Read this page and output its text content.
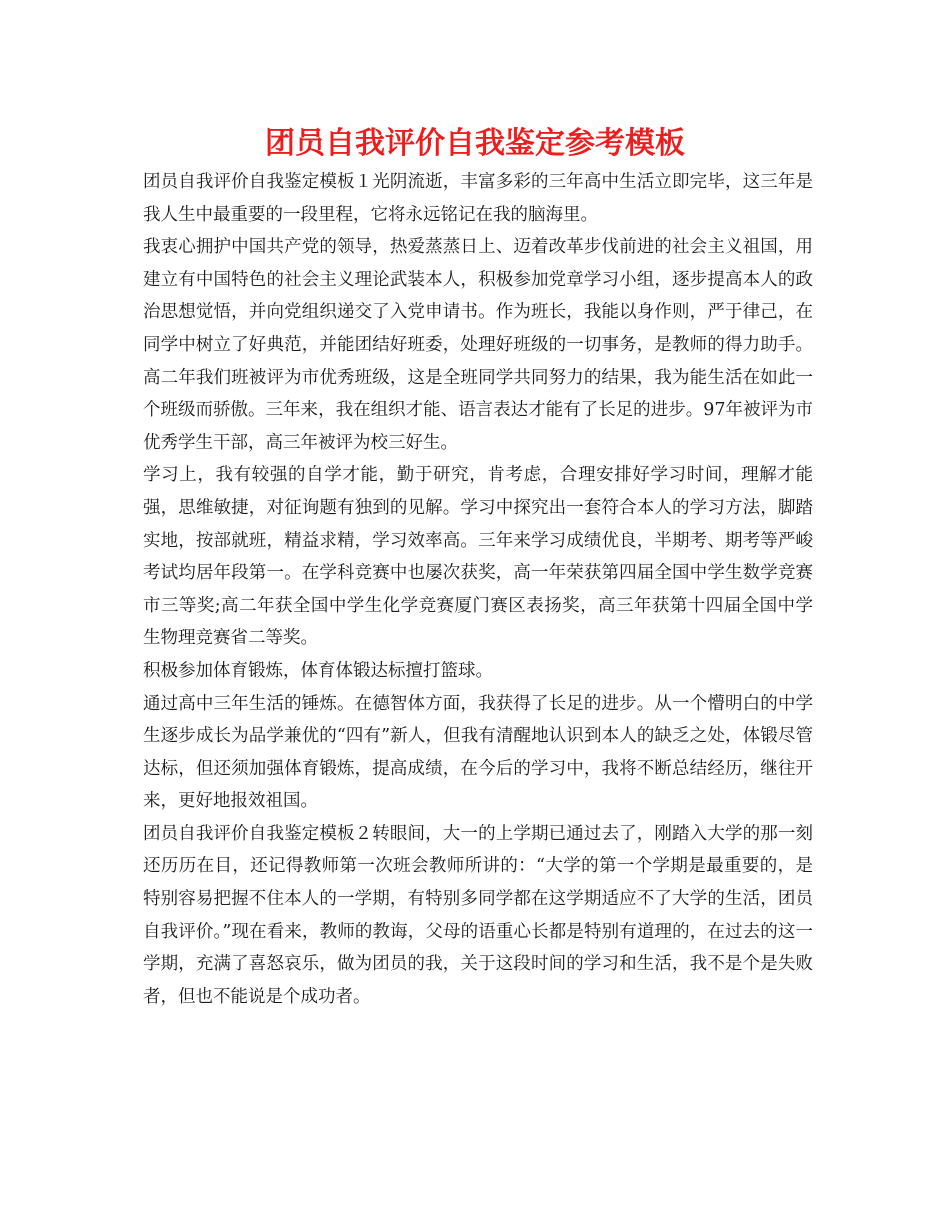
团员自我评价自我鉴定参考模板

团员自我评价自我鉴定模板１光阴流逝，丰富多彩的三年高中生活立即完毕，这三年是我人生中最重要的一段里程，它将永远铭记在我的脑海里。

我衷心拥护中国共产党的领导，热爱蒸蒸日上、迈着改革步伐前进的社会主义祖国，用建立有中国特色的社会主义理论武装本人，积极参加党章学习小组，逐步提高本人的政治思想觉悟，并向党组织递交了入党申请书。作为班长，我能以身作则，严于律己，在同学中树立了好典范，并能团结好班委，处理好班级的一切事务，是教师的得力助手。高二年我们班被评为市优秀班级，这是全班同学共同努力的结果，我为能生活在如此一个班级而骄傲。三年来，我在组织才能、语言表达才能有了长足的进步。97年被评为市优秀学生干部，高三年被评为校三好生。

学习上，我有较强的自学才能，勤于研究，肯考虑，合理安排好学习时间，理解才能强，思维敏捷，对征询题有独到的见解。学习中探究出一套符合本人的学习方法，脚踏实地，按部就班，精益求精，学习效率高。三年来学习成绩优良，半期考、期考等严峻考试均居年段第一。在学科竞赛中也屡次获奖，高一年荣获第四届全国中学生数学竞赛市三等奖;高二年获全国中学生化学竞赛厦门赛区表扬奖，高三年获第十四届全国中学生物理竞赛省二等奖。

积极参加体育锻炼，体育体锻达标擅打篮球。

通过高中三年生活的锤炼。在德智体方面，我获得了长足的进步。从一个懵明白的中学生逐步成长为品学兼优的“四有”新人，但我有清醒地认识到本人的缺乏之处，体锻尽管达标，但还须加强体育锻炼，提高成绩，在今后的学习中，我将不断总结经历，继往开来，更好地报效祖国。

团员自我评价自我鉴定模板２转眼间，大一的上学期已通过去了，刚踏入大学的那一刻还历历在目，还记得教师第一次班会教师所讲的：“大学的第一个学期是最重要的，是特别容易把握不住本人的一学期，有特别多同学都在这学期适应不了大学的生活，团员自我评价。”现在看来，教师的教诲，父母的语重心长都是特别有道理的，在过去的这一学期，充满了喜怒哀乐，做为团员的我，关于这段时间的学习和生活，我不是个是失败者，但也不能说是个成功者。
